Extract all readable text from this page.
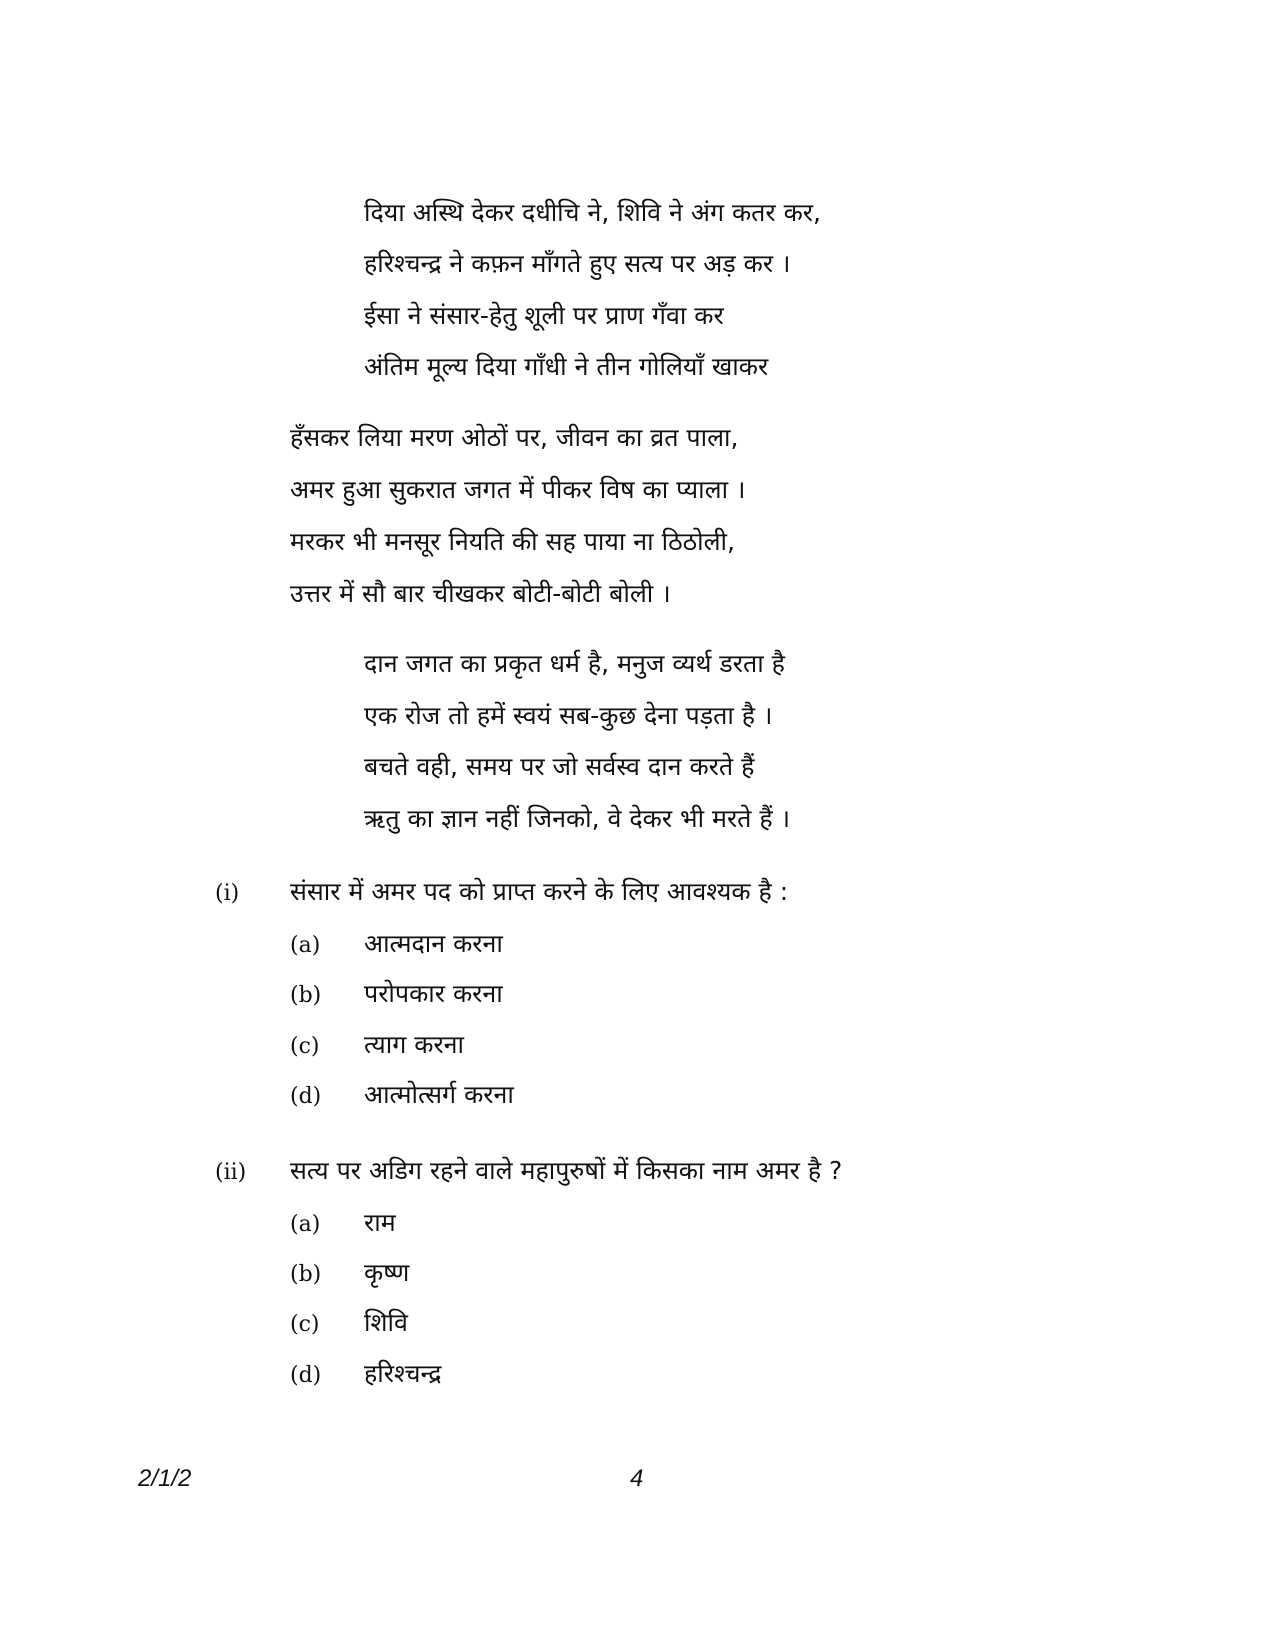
दिया अस्थि देकर दधीचि ने, शिवि ने अंग कतर कर,
हरिश्चन्द्र ने कफ़न माँगते हुए सत्य पर अड़ कर ।
ईसा ने संसार-हेतु शूली पर प्राण गँवा कर
अंतिम मूल्य दिया गाँधी ने तीन गोलियाँ खाकर
हँसकर लिया मरण ओठों पर, जीवन का व्रत पाला,
अमर हुआ सुकरात जगत में पीकर विष का प्याला ।
मरकर भी मनसूर नियति की सह पाया ना ठिठोली,
उत्तर में सौ बार चीखकर बोटी-बोटी बोली ।
दान जगत का प्रकृत धर्म है, मनुज व्यर्थ डरता है
एक रोज तो हमें स्वयं सब-कुछ देना पड़ता है ।
बचते वही, समय पर जो सर्वस्व दान करते हैं
ऋतु का ज्ञान नहीं जिनको, वे देकर भी मरते हैं ।
(i) संसार में अमर पद को प्राप्त करने के लिए आवश्यक है :
(a) आत्मदान करना
(b) परोपकार करना
(c) त्याग करना
(d) आत्मोत्सर्ग करना
(ii) सत्य पर अडिग रहने वाले महापुरुषों में किसका नाम अमर है ?
(a) राम
(b) कृष्ण
(c) शिवि
(d) हरिश्चन्द्र
2/1/2	4
